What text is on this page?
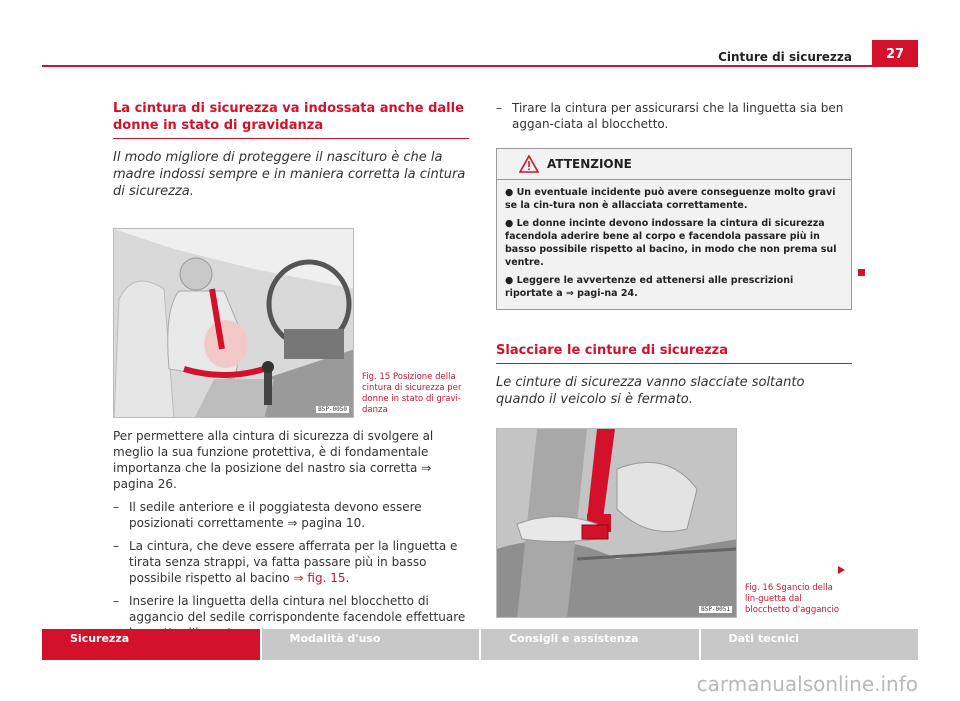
Cinture di sicurezza	27
La cintura di sicurezza va indossata anche dalle donne in stato di gravidanza
Il modo migliore di proteggere il nascituro è che la madre indossi sempre e in maniera corretta la cintura di sicurezza.
B5P-0050
Fig. 15 Posizione della cintura di sicurezza per donne in stato di gravi-danza
Per permettere alla cintura di sicurezza di svolgere al meglio la sua funzione protettiva, è di fondamentale importanza che la posizione del nastro sia corretta ⇒ pagina 26.
– Il sedile anteriore e il poggiatesta devono essere posizionati correttamente ⇒ pagina 10.
– La cintura, che deve essere afferrata per la linguetta e tirata senza strappi, va fatta passare più in basso possibile rispetto al bacino ⇒ fig. 15.
– Inserire la linguetta della cintura nel blocchetto di aggancio del sedile corrispondente facendole effettuare
– Tirare la cintura per assicurarsi che la linguetta sia ben aggan-ciata al blocchetto.
ATTENZIONE

● Un eventuale incidente può avere conseguenze molto gravi se la cin-tura non è allacciata correttamente.

● Le donne incinte devono indossare la cintura di sicurezza facendola aderire bene al corpo e facendola passare più in basso possibile rispetto al bacino, in modo che non prema sul ventre.

● Leggere le avvertenze ed attenersi alle prescrizioni riportate a ⇒ pagi-na 24.

Slacciare le cinture di sicurezza
Le cinture di sicurezza vanno slacciate soltanto quando il veicolo si è fermato.
B5P-0051
Fig. 16 Sgancio della lin-guetta dal blocchetto d'aggancio
Sicurezza	Modalità d'uso	Consigli e assistenza	Dati tecnici
carmanualsonline.info
